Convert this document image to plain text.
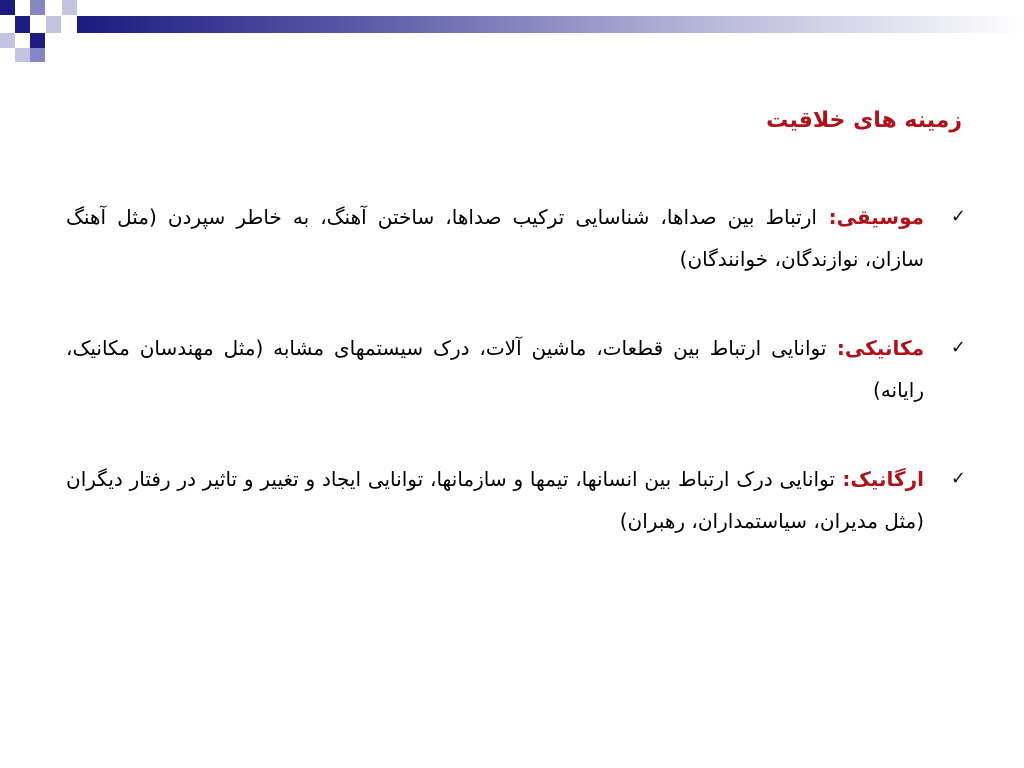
زمینه های خلاقیت
✓
موسیقی: ارتباط بین صداها، شناسایی ترکیب صداها، ساختن آهنگ، به خاطر سپردن (مثل آهنگ سازان، نوازندگان، خوانندگان)
✓
مکانیکی: توانایی ارتباط بین قطعات، ماشین آلات، درک سیستمهای مشابه (مثل مهندسان مکانیک، رایانه)
✓
ارگانیک: توانایی درک ارتباط بین انسانها، تیمها و سازمانها، توانایی ایجاد و تغییر و تاثیر در رفتار دیگران (مثل مدیران، سیاستمداران، رهبران)
